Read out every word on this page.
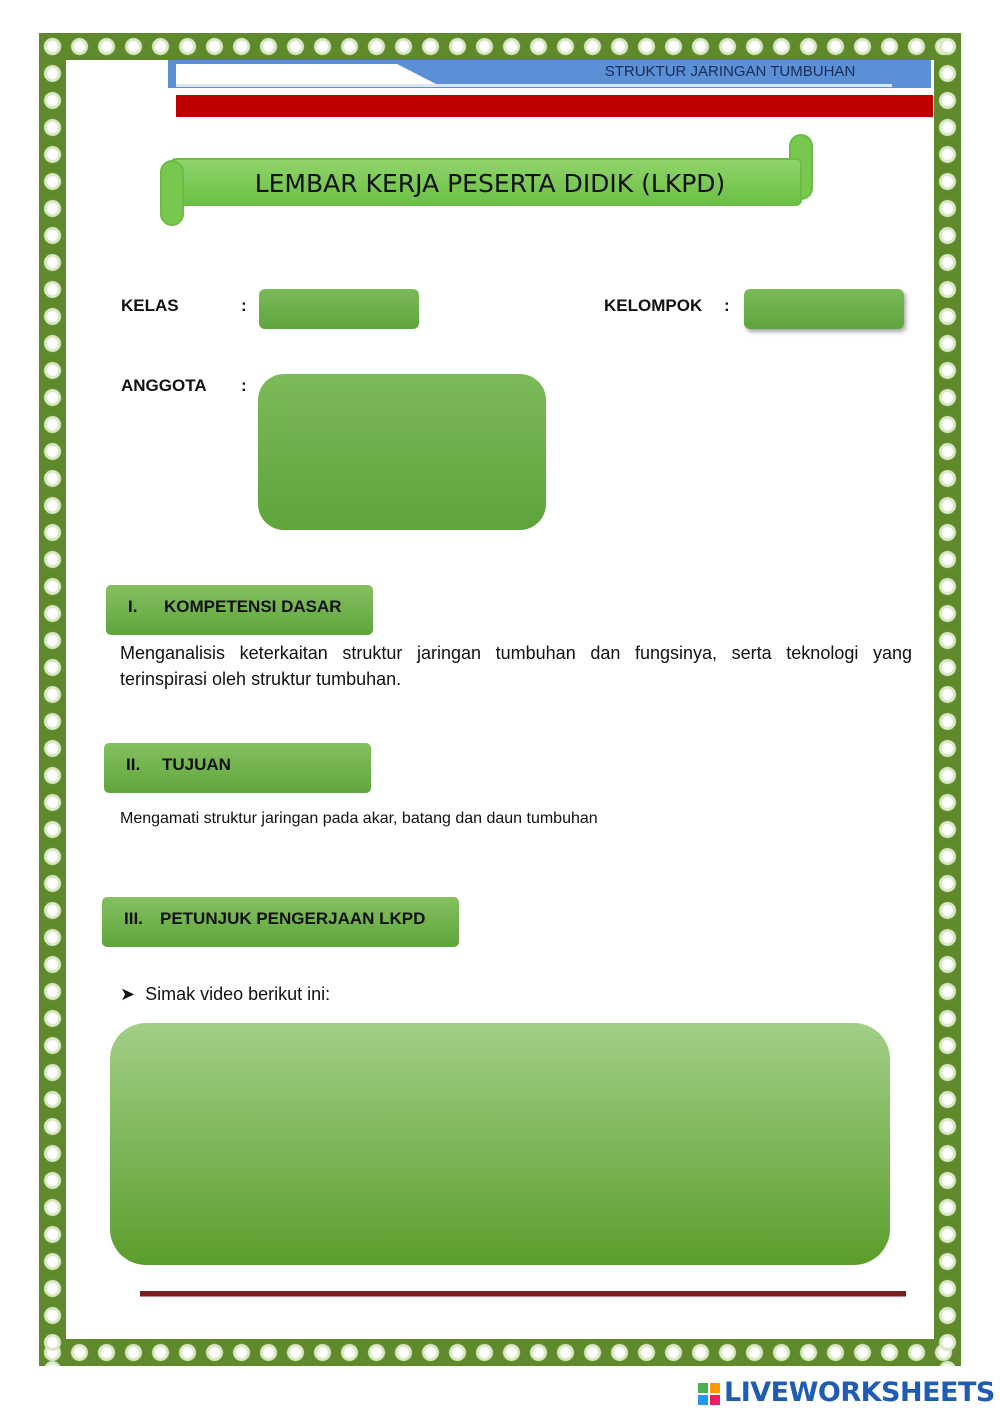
STRUKTUR JARINGAN TUMBUHAN
LEMBAR KERJA PESERTA DIDIK (LKPD)
KELAS	:	KELOMPOK :
ANGGOTA :
I. KOMPETENSI DASAR
Menganalisis keterkaitan struktur jaringan tumbuhan dan fungsinya, serta teknologi yang terinspirasi oleh struktur tumbuhan.
II. TUJUAN
Mengamati struktur jaringan pada akar, batang dan daun tumbuhan
III. PETUNJUK PENGERJAAN LKPD
➤  Simak video berikut ini:
LIVEWORKSHEETS
